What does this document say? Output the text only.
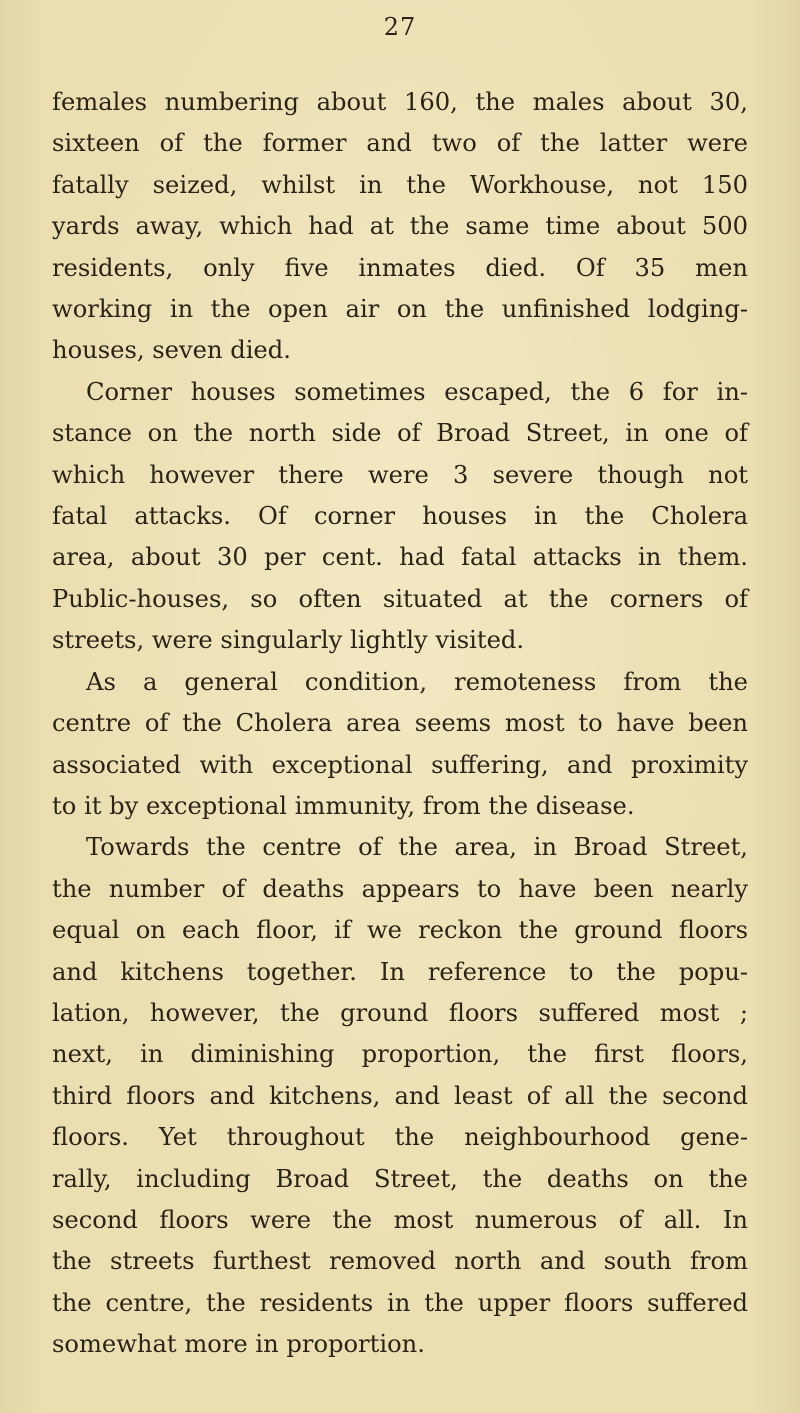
27
females numbering about 160, the males about 30,
sixteen of the former and two of the latter were
fatally seized, whilst in the Workhouse, not 150
yards away, which had at the same time about 500
residents, only five inmates died. Of 35 men
working in the open air on the unfinished lodging-
houses, seven died.
Corner houses sometimes escaped, the 6 for in-
stance on the north side of Broad Street, in one of
which however there were 3 severe though not
fatal attacks. Of corner houses in the Cholera
area, about 30 per cent. had fatal attacks in them.
Public-houses, so often situated at the corners of
streets, were singularly lightly visited.
As a general condition, remoteness from the
centre of the Cholera area seems most to have been
associated with exceptional suffering, and proximity
to it by exceptional immunity, from the disease.
Towards the centre of the area, in Broad Street,
the number of deaths appears to have been nearly
equal on each floor, if we reckon the ground floors
and kitchens together. In reference to the popu-
lation, however, the ground floors suffered most ;
next, in diminishing proportion, the first floors,
third floors and kitchens, and least of all the second
floors. Yet throughout the neighbourhood gene-
rally, including Broad Street, the deaths on the
second floors were the most numerous of all. In
the streets furthest removed north and south from
the centre, the residents in the upper floors suffered
somewhat more in proportion.
